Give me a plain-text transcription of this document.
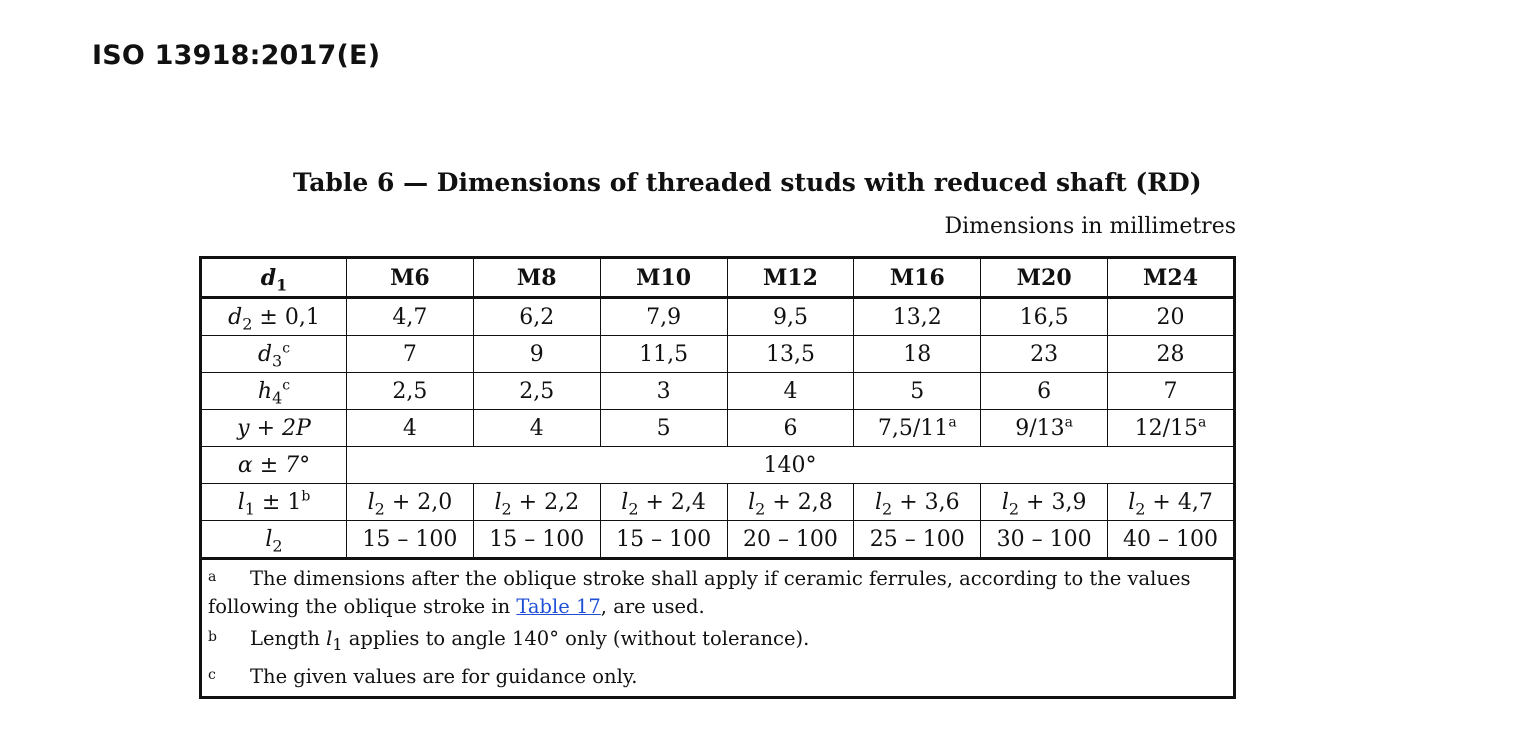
ISO 13918:2017(E)
Table 6 — Dimensions of threaded studs with reduced shaft (RD)
Dimensions in millimetres
$d_1$	M6	M8	M10	M12	M16	M20	M24
$d_2 \pm 0,1$	4,7	6,2	7,9	9,5	13,2	16,5	20
$d_3^c$	7	9	11,5	13,5	18	23	28
$h_4^c$	2,5	2,5	3	4	5	6	7
y + 2P	4	4	5	6	7,5/11$^a$	9/13$^a$	12/15$^a$
α ± 7°	140°						
$l_1 \pm 1^b$	$l_2 + 2,0$	$l_2 + 2,2$	$l_2 + 2,4$	$l_2 + 2,8$	$l_2 + 3,6$	$l_2 + 3,9$	$l_2 + 4,7$
$l_2$	15 – 100	15 – 100	15 – 100	20 – 100	25 – 100	30 – 100	40 – 100

a The dimensions after the oblique stroke shall apply if ceramic ferrules, according to the values following the oblique stroke in Table 17, are used.
b Length $l_1$ applies to angle 140° only (without tolerance).
c The given values are for guidance only.							
